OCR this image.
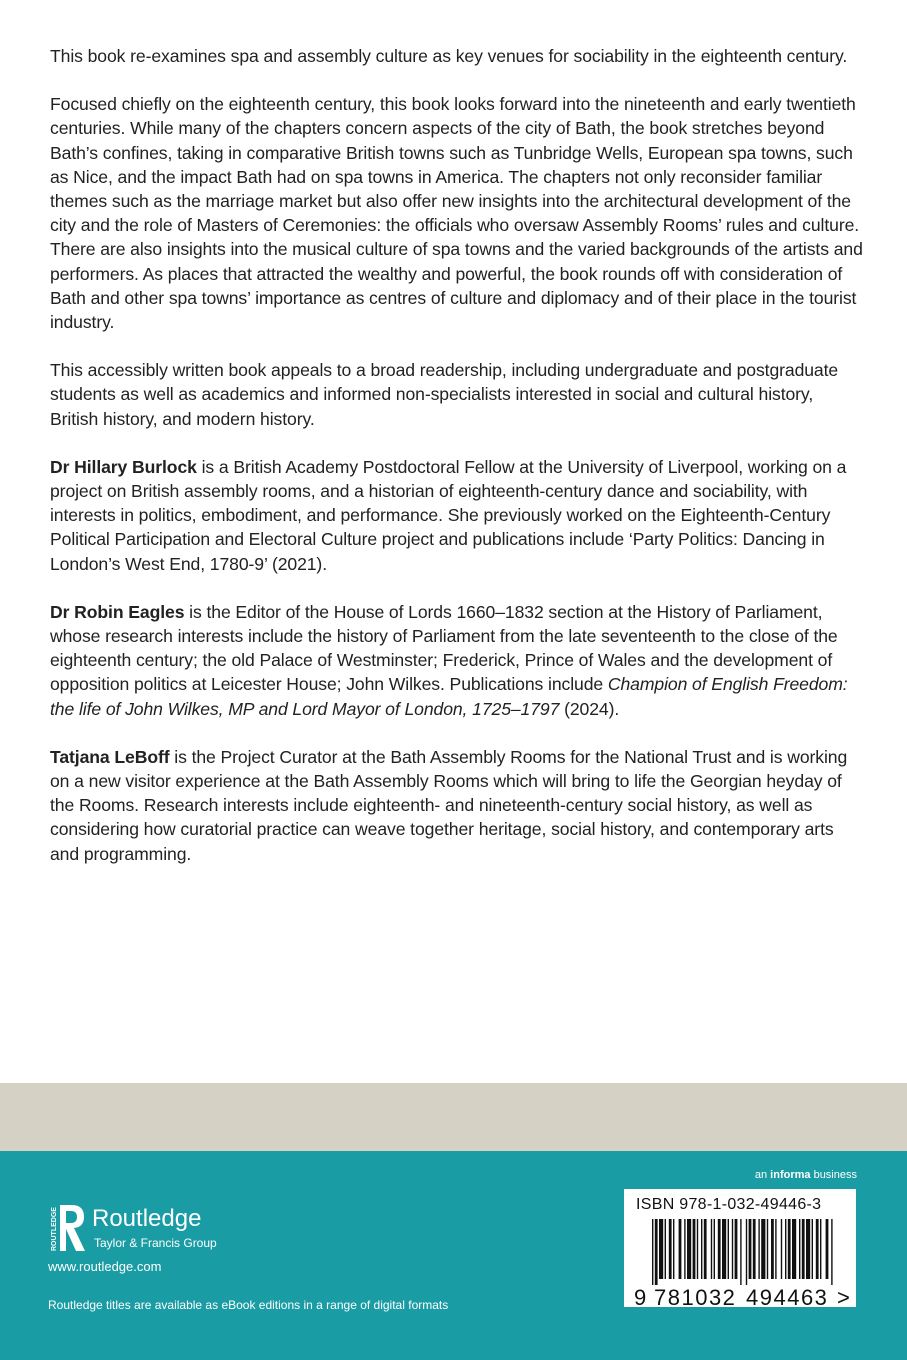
This book re-examines spa and assembly culture as key venues for sociability in the eighteenth century.

Focused chiefly on the eighteenth century, this book looks forward into the nineteenth and early twentieth centuries. While many of the chapters concern aspects of the city of Bath, the book stretches beyond Bath’s confines, taking in comparative British towns such as Tunbridge Wells, European spa towns, such as Nice, and the impact Bath had on spa towns in America. The chapters not only reconsider familiar themes such as the marriage market but also offer new insights into the architectural development of the city and the role of Masters of Ceremonies: the officials who oversaw Assembly Rooms’ rules and culture. There are also insights into the musical culture of spa towns and the varied backgrounds of the artists and performers. As places that attracted the wealthy and powerful, the book rounds off with consideration of Bath and other spa towns’ importance as centres of culture and diplomacy and of their place in the tourist industry.

This accessibly written book appeals to a broad readership, including undergraduate and postgraduate students as well as academics and informed non-specialists interested in social and cultural history, British history, and modern history.

Dr Hillary Burlock is a British Academy Postdoctoral Fellow at the University of Liverpool, working on a project on British assembly rooms, and a historian of eighteenth-century dance and sociability, with interests in politics, embodiment, and performance. She previously worked on the Eighteenth-Century Political Participation and Electoral Culture project and publications include ‘Party Politics: Dancing in London’s West End, 1780-9’ (2021).

Dr Robin Eagles is the Editor of the House of Lords 1660–1832 section at the History of Parliament, whose research interests include the history of Parliament from the late seventeenth to the close of the eighteenth century; the old Palace of Westminster; Frederick, Prince of Wales and the development of opposition politics at Leicester House; John Wilkes. Publications include Champion of English Freedom: the life of John Wilkes, MP and Lord Mayor of London, 1725–1797 (2024).

Tatjana LeBoff is the Project Curator at the Bath Assembly Rooms for the National Trust and is working on a new visitor experience at the Bath Assembly Rooms which will bring to life the Georgian heyday of the Rooms. Research interests include eighteenth- and nineteenth-century social history, as well as considering how curatorial practice can weave together heritage, social history, and contemporary arts and programming.

an informa business
ROUTLEDGE Routledge
Taylor & Francis Group
www.routledge.com
Routledge titles are available as eBook editions in a range of digital formats
ISBN 978-1-032-49446-3
9 781032 494463 >
